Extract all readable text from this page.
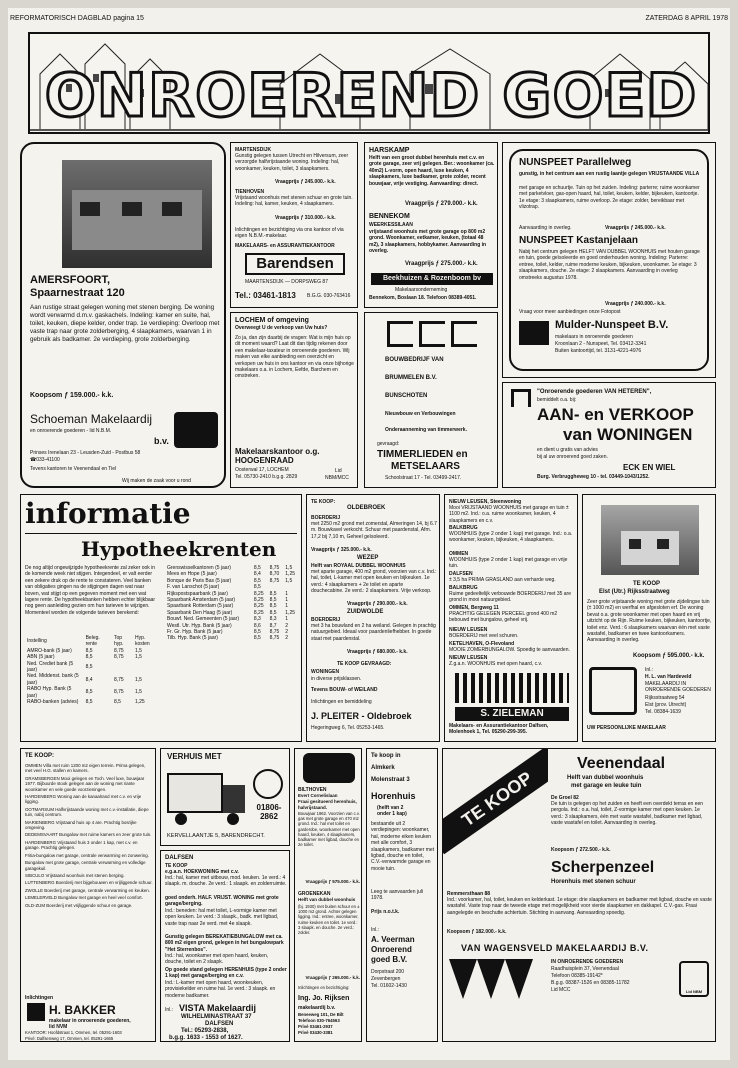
REFORMATORISCH DAGBLAD pagina 15	ZATERDAG 8 APRIL 1978
ONROEREND GOED
AMERSFOORT,
Spaarnestraat 120
Aan rustige straat gelegen woning met stenen berging. De woning wordt verwarmd d.m.v. gaskachels. Indeling: kamer en suite, hal, toilet, keuken, diepe kelder, onder trap. 1e verdieping: Overloop met vaste trap naar grote zolderberging, 4 slaapkamers, waarvan 1 in gebruik als badkamer. 2e verdieping, grote zolderberging.
Koopsom ƒ 159.000.- k.k.
Schoeman Makelaardij
en onroerende goederen - lid N.B.M.
b.v.
Prinses Irenelaan 23 - Leusden-Zuid - Postbus 58
☎033-41100
Tevens kantoren te Veenendaal en Tiel
Wij maken de zaak voor u rond
MARTENSDIJK
Gunstig gelegen tussen Utrecht en Hilversum, zeer verzorgde halfvrijstaande woning. Indeling: hal, woonkamer, keuken, toilet, 3 slaapkamers.
Vraagprijs ƒ 245.000.- k.k.
TIENHOVEN
Vrijstaand woonhuis met stenen schuur en grote tuin. Indeling: hal, kamer, keuken, 4 slaapkamers.
Vraagprijs ƒ 310.000.- k.k.
Inlichtingen en bezichtiging via ons kantoor of via eigen N.B.M.-makelaar.
MAKELAARS- en ASSURANTIEKANTOOR
Barendsen
MAARTENSDIJK — DORPSWEG 87
Tel.: 03461-1813 B.G.G. 030-763416
HARSKAMP
Helft van een groot dubbel herenhuis met c.v. en grote garage, zeer vrij gelegen. Ber.: woonkamer (ca. 40m2) L-vorm, open haard, luxe keuken, 4 slaapkamers, luxe badkamer, grote zolder, recent bouwjaar, vrije vestiging. Aanvaarding: direct.
Vraagprijs ƒ 279.000.- k.k.
BENNEKOM
WEERKESSILAAN
vrijstaand woonhuis met grote garage op 800 m2 grond. Woonkamer, eetkamer, keuken, (totaal 48 m2), 3 slaapkamers, hobbykamer. Aanvaarding in overleg.
Vraagprijs ƒ 275.000.- k.k.
Beekhuizen & Rozenboom bv
Makelaarsonderneming
Bennekom, Boslaan 18. Telefoon 08389-4051.
NUNSPEET Parallelweg
gunstig, in het centrum aan een rustig laantje gelegen VRIJSTAANDE VILLA
met garage en schuurtje. Tuin op het zuiden. Indeling: parterre; ruime woonkamer met parketvloer, gas-open haard, hal, toilet, keuken, kelder, bijkeuken, kantoortje. 1e etage: 3 slaapkamers, ruime overloop. 2e etage: zolder, bereikbaar met vlizotrap.
Aanvaarding in overleg.	Vraagprijs ƒ 245.000.- k.k.
NUNSPEET Kastanjelaan
Nabij het centrum gelegen HELFT VAN DUBBEL WOONHUIS met houten garage en tuin, goede geïsoleerde en goed onderhouden woning. Indeling: Parterre: entree, toilet, kelder, ruime moderne keuken, bijkeuken, woonkamer. 1e etage: 3 slaapkamers, douche. 2e etage: 2 slaapkamers. Aanvaarding in overleg omstreeks augustus 1978.
Vraagprijs ƒ 240.000.- k.k.
Vraag voor meer aanbiedingen onze Fotopost
Mulder-Nunspeet B.V.
makelaars in onroerende goederen
Kroonlaan 2 - Nunspeet, Tel. 03412-3341
Buiten kantoortijd, tel. 3131-4221-4976
LOCHEM of omgeving
Overweegt U de verkoop van Uw huis?
Zo ja, dan zijn daarbij de vragen: Wat is mijn huis op dit moment waard? Laat dit dan tijdig rekenen door een makelaar-taxateur in onroerende goederen. Wij maken van elke aanbieding een overzicht en verkopen uw huis in ons kantoor en via onze bijhorige makelaars o.a. in Lochem, Eefde, Barchem en omstreken.
Makelaarskantoor o.g.
HOOGENRAAD
Oosterwal 17, LOCHEM
Tel. 05730-2410 b.g.g. 2829
Lid
NBM/MCC
BOUWBEDRIJF VAN
BRUMMELEN B.V.
BUNSCHOTEN
Nieuwbouw en Verbouwingen
Onderaanneming van timmerwerk.
gevraagd:
TIMMERLIEDEN en
METSELAARS
Schoolstraat 17 - Tel. 03499-2417.
"Onroerende goederen VAN HETEREN",
bemiddelt o.a. bij:
AAN- en VERKOOP
van WONINGEN
en dient u gratis van advies
bij al uw onroerend goed zaken.
ECK EN WIEL
Burg. Verbruggheweg 10 - tel. 03449-1043/1252.
informatie
Hypotheekrenten
De nog altijd ongewijzigde hypotheekrente zal zeker ook in de komende week niet stijgen. Integendeel, er valt eerder een zekere druk op de rente te constateren. Veel banken van obligaties gingen na de stijgingen dagen wat naar boven, wat stijgt op een gegeven moment met een wat lagere rente. De hypotheekbanken hebben echter blijkbaar nog geen aanleiding gezien om hun tarieven te wijzigen. Momenteel worden de volgende tarieven berekend:
Instelling	Beleg. rente	Top hyp.	Hyp. kosten
AMRO-bank (5 jaar)	8,5	8,75	1,5
ABN (5 jaar)	8,5	8,75	1,5
Ned. Crediet bank (5 jaar)	8,5		
Ned. Middenst. bank (5 jaar)	8,4	8,75	1,5
RABO Hyp. Bank (5 jaar)	8,5	8,75	1,5
RABO-banken (advies)	8,5	8,5	1,25
Grenswisselkantoren (5 jaar)	8,5	8,75	1,5
Mees en Hope (5 jaar)	8,4	8,70	1,25
Bonque de Paris Bas (5 jaar)	8,5	8,75	1,5
F. van Lanschot (5 jaar)	8,5		
Rijkspostspaarbank (5 jaar)	8,25	8,5	1
Spaarbank Amsterdam (5 jaar)	8,25	8,5	1
Spaarbank Rotterdam (5 jaar)	8,25	8,5	1
Spaarbank Den Haag (5 jaar)	8,25	8,5	1,25
Bouwf. Ned. Gemeenten (5 jaar)	8,3	8,3	1
Westl. Utr. Hyp. Bank (5 jaar)	8,6	8,7	2
Fr. Gr. Hyp. Bank (5 jaar)	8,5	8,75	2
Tilb. Hyp. Bank (5 jaar)	8,5	8,75	2
TE KOOP:
OLDEBROEK
BOERDERIJ
met 2250 m2 grond met zomerstal, Almeringen 14, bj 6.7 m. Bouwkavel verkocht. Schuur met paardenstal, Afm. 17,2 bij 7,10 m, Geheel geïsoleerd.
Vraagprijs ƒ 325.000.- k.k.
WEZEP
Helft van ROYAAL DUBBEL WOONHUIS
met aparte garage, 400 m2 grond, voorzien van c.v. Ind.: hal, toilet, L-kamer met open keuken en bijkeuken. 1e verd.: 4 slaapkamers + 2e toilet en aparte douchecabine. 2e verd.: 2 slaapkamers. Vrije verkoop.
Vraagprijs ƒ 290.000.- k.k.
ZUIDWOLDE
BOERDERIJ
met 3 ha bouwland en 2 ha weiland. Gelegen in prachtig natuurgebied. Ideaal voor paardenliefhebber. In goede staat met paardenstal.
Vraagprijs ƒ 680.000.- k.k.
TE KOOP GEVRAAGD:
WONINGEN
in diverse prijsklassen.
Tevens BOUW- of WEILAND
Inlichtingen en bemiddeling
J. PLEITER - Oldebroek
Hegeringweg 6, Tel. 05253-1465.
NIEUW LEUSEN, Steenwoning
Mooi VRIJSTAAND WOONHUIS met garage en tuin ± 1100 m2. Ind.: o.a. ruime woonkamer, keuken, 4 slaapkamers en c.v.
BALKBRUG
WOONHUIS (type 2 onder 1 kap) met garage. Ind.: o.a. woonkamer, keuken, bijkeuken, 4 slaapkamers.
OMMEN
WOONHUIS (type 2 onder 1 kap) met garage en vrije tuin.
DALFSEN
± 3,5 ha PRIMA GRASLAND aan verharde weg.
BALKBRUG
Ruime gedeeltelijk verbouwde BOERDERIJ met 35 are grond in mooi natuurgebied.
OMMEN, Bergweg 11
PRACHTIG GELEGEN PERCEEL grond 400 m2 bebouwd met bungalow, geheel vrij.
NIEUW LEUSEN
BOERDERIJ met veel schuren.
KETELHAVEN, O-Flevoland
MOOIE ZOMERBUNGALOW. Spoedig te aanvaarden.
NIEUW LEUSEN
Z.g.a.n. WOONHUIS met open haard, c.v.
S. ZIELEMAN
Makelaars- en Assurantiekantoor Dalfsen, Molenhoek 1, Tel. 05290-299-395.
TE KOOP
Elst (Utr.) Rijksstraatweg
Zeer grote vrijstaande woning met grote zijdelingse tuin (± 1000 m2) en werfhal en afgesloten erf. De woning bevat o.a. grote woonkamer met open haard en vrij uitzicht op de Rijn. Ruime keuken, bijkeuken, kantoortje, toilet enz. Verd.: 6 slaapkamers waarvan één met vaste wastafel, badkamer en twee kantoorkamers. Aanvaarding in overleg.
Koopsom ƒ 595.000.- k.k.
Inl.:
H. L. van Hardeveld
MAKELAARDIJ IN ONROERENDE GOEDEREN
Rijksstraatweg 54
Elst (prov. Utrecht)
Tel. 08384-1639
UW PERSOONLIJKE MAKELAAR
TE KOOP:
OMMEN Villa met ruim 1200 m2 eigen terrein. Prima gelegen, met veel H.G. stallen en kamers.
GRAMSBERGEN Mooi gelegen en Toch. Veel luxe, bouwjaar 1977. Bijbuurde stook gelegen aan de woning met riante woonkamer en vele goede voorzieningen.
HARDENBERG Woning aan de kanaalrand met c.v. en vrije ligging.
OOTMARSUM Halfvrijstaande woning met c.v.-installatie, diepe tuin, nabij centrum.
MARIENBERG Vrijstaand huis op 4 are. Prachtig bosrijke omgeving.
DEDEMSVAART Bungalow met ruime kamers en zeer grote tuin.
HARDENBERG Vrijstaand huis 3 onder 1 kap, met c.v. en garage. Prachtig gelegen.
Fritia-bungalow met garage, centrale verwarming en zonwering.
Bungalow met grote garage, centrale verwarming en volledige garagekuil.
SIBCULO Vrijstaand woonhuis met stenen berging.
LUTTENBERG Boerderij met bijgebouwen en vrijliggende schuur.
ZWOLLE Boerderij met garage, centrale verwarming en keuken.
LEMELERVELD Bungalow met garage en heel veel comfort.
OLD-ZUM Boerderij met vrijliggende schuur en garage.
Inlichtingen
H. BAKKER
makelaar in onroerende goederen,
lid NVM
KANTOOR: Hoofdstraat 1, Ommen, tel. 05291-1603
Privé: Dalfsenweg 17, Ommen, tel. 05291-1665
VERHUIS MET
01806-2862
KERVELLAANTJE 5, BARENDRECHT.
DALFSEN
TE KOOP
e.g.a.n. HOEKWONING met c.v.
Ind.: hal, kamer met uitbouw, mod. keuken. 1e verd.: 4 slaapk. m. douche. 2e verd.: 1 slaapk. en zolderruimte.
goed onderh. HALF. VRIJST. WONING met grote garage/berging.
Ind.: beneden: hal met toilet, L-vormige kamer met open keuken. 1e verd.: 3 slaapk., badk. met ligbad, vaste trap naar 2e verd. met 4e slaapk.
Gunstig gelegen BEREKATIEBUNGALOW met ca. 800 m2 eigen grond, gelegen in het bungalowpark "Het Sterrenbos".
Ind.: hal, woonkamer met open haard, keuken, douche, toilet en 2 slaapk.
Op goede stand gelegen HERENHUIS (type 2 onder 1 kap) met garage/berging en c.v.
Ind.: L-kamer met open haard, woonkeuken, provisiekelder en ruime hal. 1e verd.: 3 slaapk. en moderne badkamer.
Inl.: VISTA Makelaardij
WILHELMINASTRAAT 37
DALFSEN
Tel.: 05293-2838,
b.g.g. 1633 - 1553 of 1627.
BILTHOVEN
Evert Cornelislaan
Fraai gesitueerd herenhuis, halvrijstaand.
Bouwjaar 1962. Voorzien van c.v. gas met grote garage en 470 m2 grond. Ind.: hal met toilet en garderobe, woonkamer met open haard, keuken, 4 slaapkamers, badkamer met ligbad, douche en 2e toilet.
Vraagprijs ƒ 575.000.- k.k.
GROENEKAN
Helft van dubbel woonhuis
(bj. 1930) met buiten schuur en ± 1000 m2 grond. Achter gelegen ligging. Ind.: entree, woonkamer, ruime keuken en toilet. 1e verd.: 3 slaapk. en douche. 2e verd.: zolder.
Vraagprijs ƒ 265.000.- k.k.
Inlichtingen en bezichtiging:
Ing. Jo. Rijksen
makelaardij b.v.
Beneeweg 101, De Bilt
Telefoon 030-764563
Privé 03461-2937
Privé 03430-3381
Te koop in
Almkerk
Molenstraat 3
Horenhuis
(helft van 2
onder 1 kap)
bestaande uit 2 verdiepingen: woonkamer, hal, moderne eiken keuken met alle comfort, 3 slaapkamers, badkamer met ligbad, douche en toilet, C.V.-verwarmde garage en mooie tuin.
Leeg te aanvaarden juli 1978.
Prijs n.o.t.k.
Inl.:
A. Veerman
Onroerend
goed B.V.
Dorpstraat 200
Zevenbergen
Tel. 01602-1430
TE KOOP
Veenendaal
Helft van dubbel woonhuis
met garage en leuke tuin
De Groel 82
De tuin is gelegen op het zuiden en heeft een overdekt terras en een pergola. Ind.: o.a. hal, toilet, Z-vormige kamer met open keuken. 1e verd.: 3 slaapkamers, één met vaste wastafel, badkamer met ligbad, vaste wastafel en toilet. Aanvaarding in overleg.
Koopsom ƒ 272.500.- k.k.
Scherpenzeel
Horenhuis met stenen schuur
Remmersthaan 88
Ind.: voorkamer, hal, toilet, keuken en kelderkast. 1e etage: drie slaapkamers en badkamer met ligbad, douche en vaste wastafel. Vaste trap naar de tweede etage met mogelijkheid voor vierde slaapkamer en dakkapel. C.V.-gas. Fraai aangelegde en beschutte achtertuin. Stichting in aanvang. Aanvaarding spoedig.
Koopsom ƒ 182.000.- k.k.
VAN WAGENSVELD MAKELAARDIJ B.V.
IN ONROERENDE GOEDEREN
Raadhuisplein 37, Veenendaal
Telefoon 08385-19142*
B.g.g. 08387-1526 en 08385-11782
Lid MCC	Lid NBM
